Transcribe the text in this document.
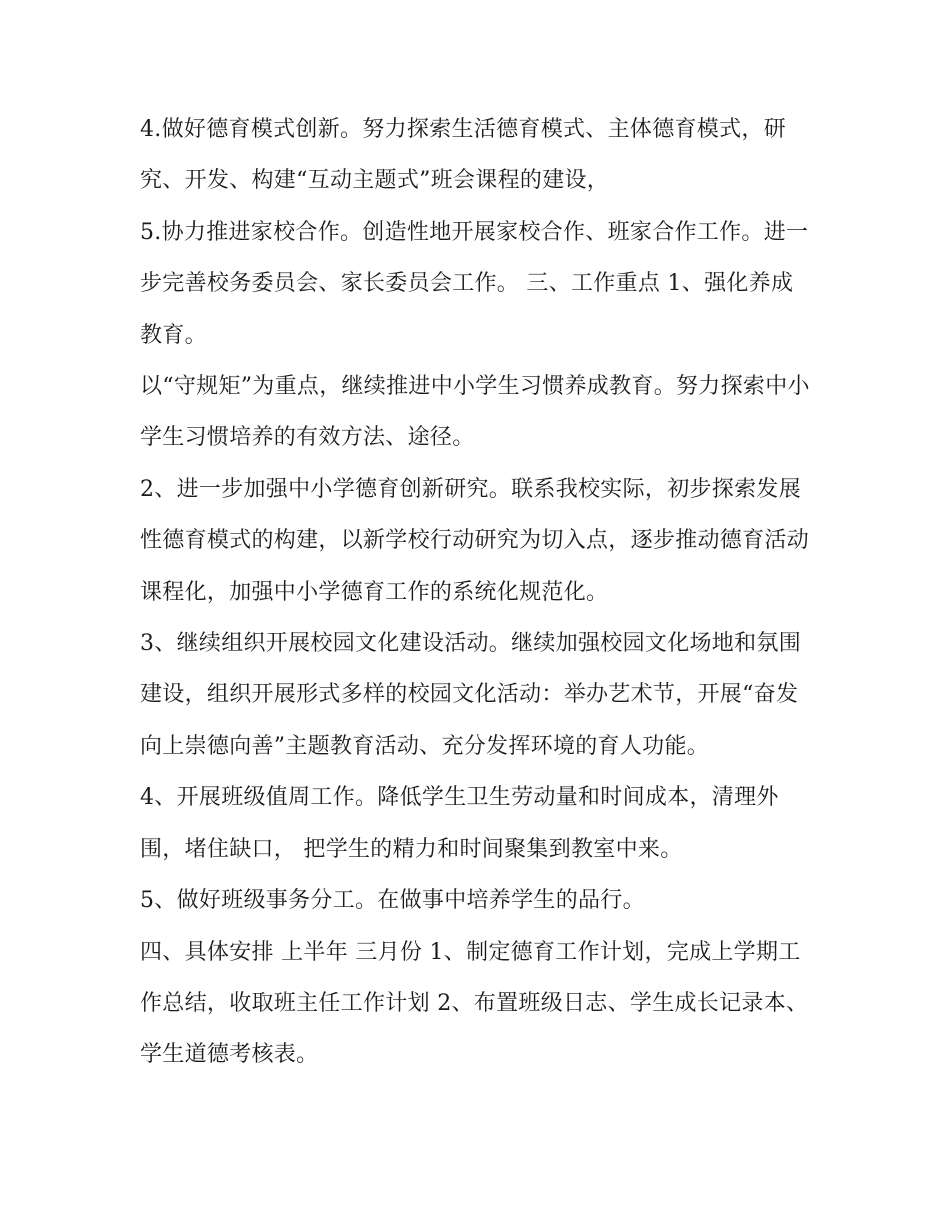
4.做好德育模式创新。努力探索生活德育模式、主体德育模式，研究、开发、构建“互动主题式”班会课程的建设，

5.协力推进家校合作。创造性地开展家校合作、班家合作工作。进一步完善校务委员会、家长委员会工作。 三、工作重点 1、强化养成教育。

以“守规矩”为重点，继续推进中小学生习惯养成教育。努力探索中小学生习惯培养的有效方法、途径。

2、进一步加强中小学德育创新研究。联系我校实际，初步探索发展性德育模式的构建，以新学校行动研究为切入点，逐步推动德育活动课程化，加强中小学德育工作的系统化规范化。

3、继续组织开展校园文化建设活动。继续加强校园文化场地和氛围建设，组织开展形式多样的校园文化活动：举办艺术节，开展“奋发向上崇德向善”主题教育活动、充分发挥环境的育人功能。

4、开展班级值周工作。降低学生卫生劳动量和时间成本，清理外围，堵住缺口， 把学生的精力和时间聚集到教室中来。

5、做好班级事务分工。在做事中培养学生的品行。

四、具体安排 上半年 三月份 1、制定德育工作计划，完成上学期工作总结，收取班主任工作计划 2、布置班级日志、学生成长记录本、学生道德考核表。
